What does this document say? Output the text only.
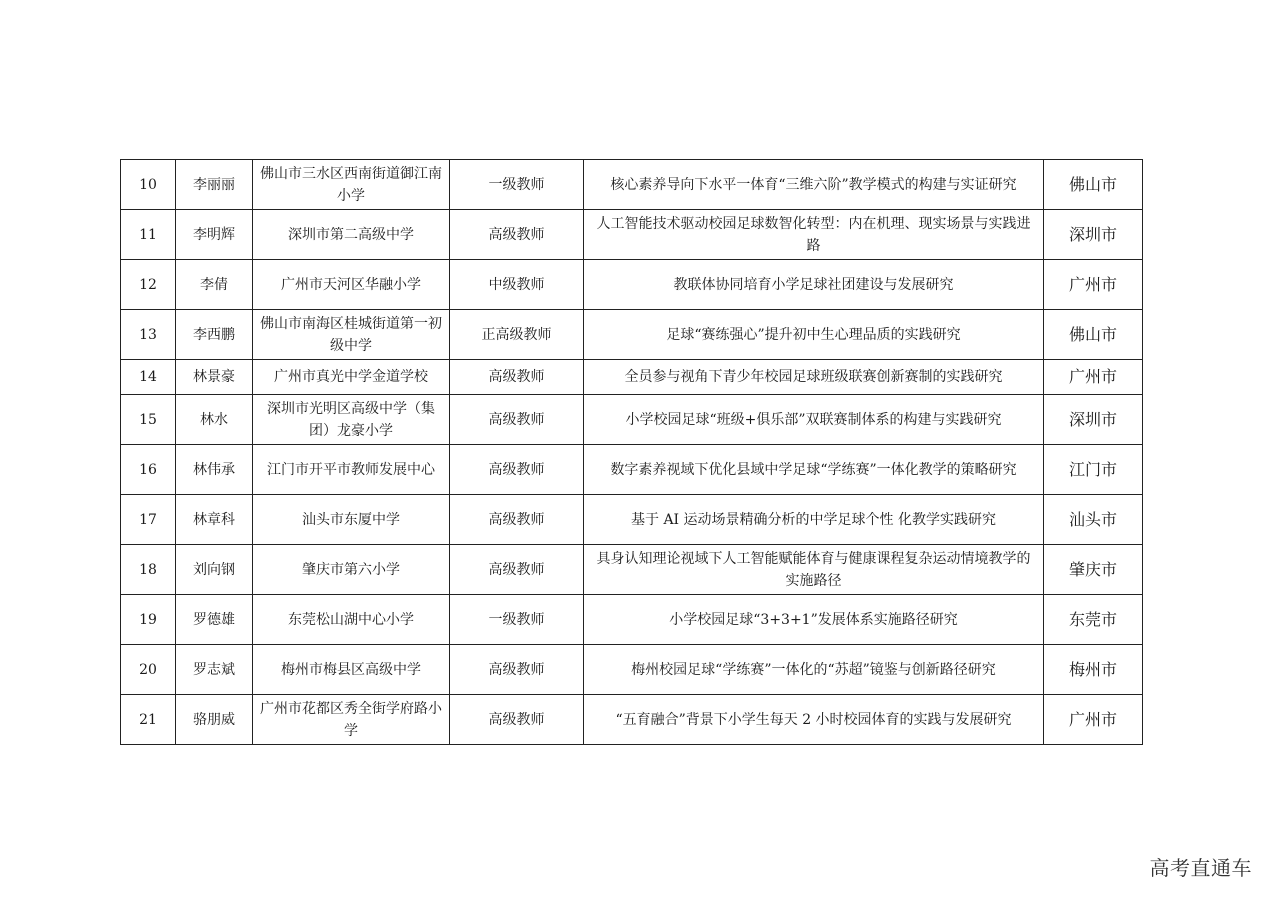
10	李丽丽	佛山市三水区西南街道御江南小学	一级教师	核心素养导向下水平一体育“三维六阶”教学模式的构建与实证研究	佛山市
11	李明辉	深圳市第二高级中学	高级教师	人工智能技术驱动校园足球数智化转型：内在机理、现实场景与实践进路	深圳市
12	李倩	广州市天河区华融小学	中级教师	教联体协同培育小学足球社团建设与发展研究	广州市
13	李西鹏	佛山市南海区桂城街道第一初级中学	正高级教师	足球“赛练强心”提升初中生心理品质的实践研究	佛山市
14	林景豪	广州市真光中学金道学校	高级教师	全员参与视角下青少年校园足球班级联赛创新赛制的实践研究	广州市
15	林水	深圳市光明区高级中学（集团）龙豪小学	高级教师	小学校园足球“班级+俱乐部”双联赛制体系的构建与实践研究	深圳市
16	林伟承	江门市开平市教师发展中心	高级教师	数字素养视域下优化县域中学足球“学练赛”一体化教学的策略研究	江门市
17	林章科	汕头市东厦中学	高级教师	基于 AI 运动场景精确分析的中学足球个性 化教学实践研究	汕头市
18	刘向钢	肇庆市第六小学	高级教师	具身认知理论视域下人工智能赋能体育与健康课程复杂运动情境教学的实施路径	肇庆市
19	罗德雄	东莞松山湖中心小学	一级教师	小学校园足球“3+3+1”发展体系实施路径研究	东莞市
20	罗志斌	梅州市梅县区高级中学	高级教师	梅州校园足球“学练赛”一体化的“苏超”镜鉴与创新路径研究	梅州市
21	骆朋威	广州市花都区秀全街学府路小学	高级教师	“五育融合”背景下小学生每天 2 小时校园体育的实践与发展研究	广州市
高考直通车
